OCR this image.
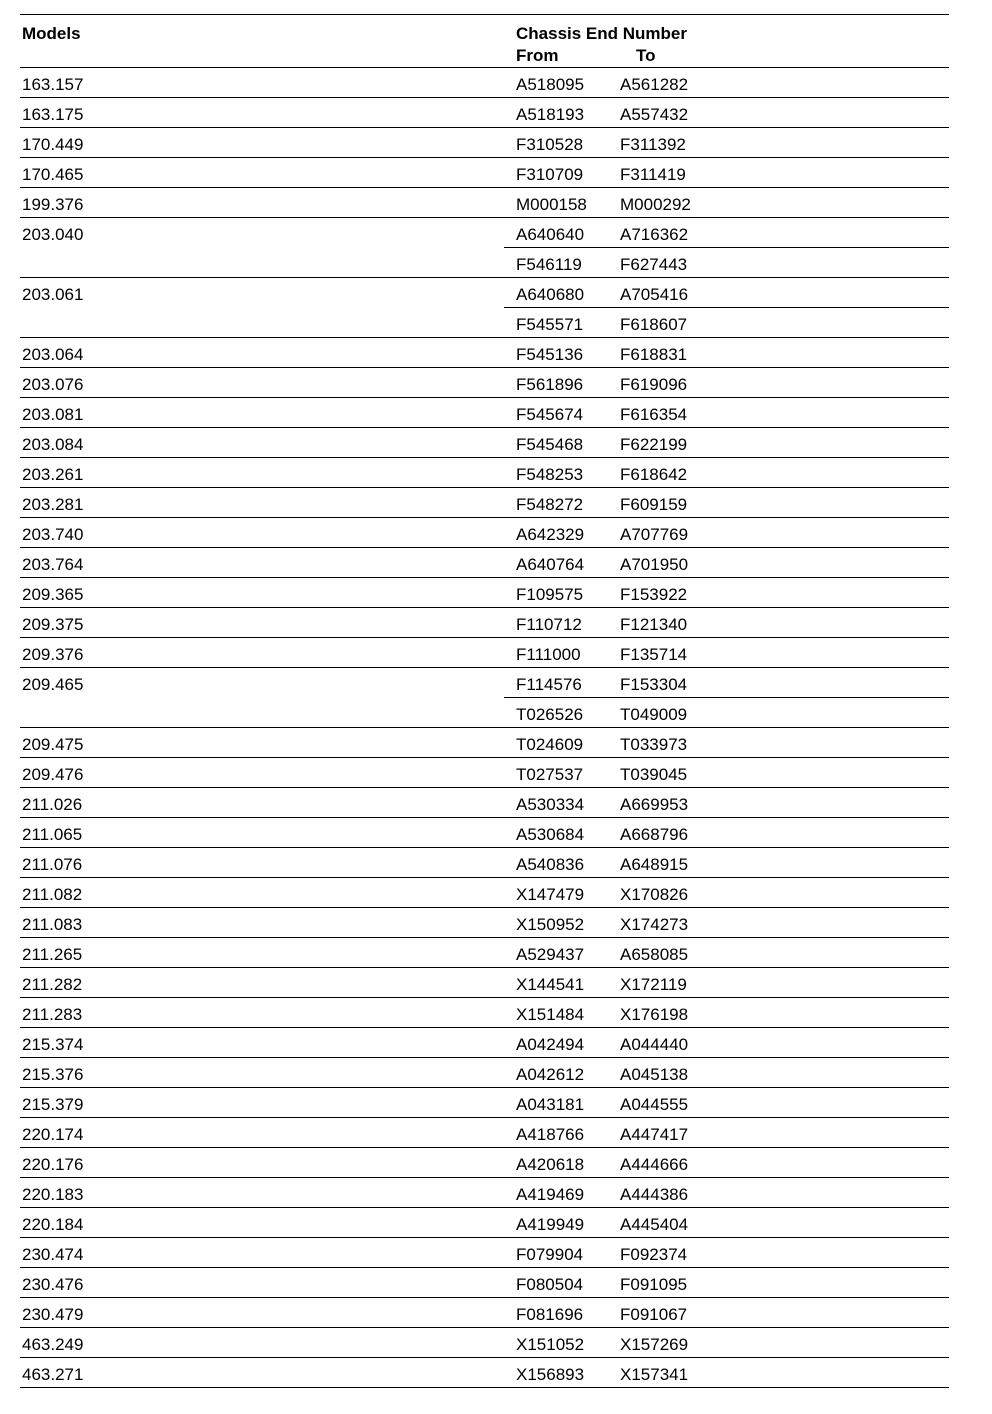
Models	Chassis End Number
From	To
163.157	A518095 A561282
163.175	A518193 A557432
170.449	F310528 F311392
170.465	F310709 F311419
199.376	M000158 M000292
203.040	A640640 A716362
F546119 F627443
203.061	A640680 A705416
F545571 F618607
203.064	F545136 F618831
203.076	F561896 F619096
203.081	F545674 F616354
203.084	F545468 F622199
203.261	F548253 F618642
203.281	F548272 F609159
203.740	A642329 A707769
203.764	A640764 A701950
209.365	F109575 F153922
209.375	F110712 F121340
209.376	F111000 F135714
209.465	F114576 F153304
T026526 T049009
209.475	T024609 T033973
209.476	T027537 T039045
211.026	A530334 A669953
211.065	A530684 A668796
211.076	A540836 A648915
211.082	X147479 X170826
211.083	X150952 X174273
211.265	A529437 A658085
211.282	X144541 X172119
211.283	X151484 X176198
215.374	A042494 A044440
215.376	A042612 A045138
215.379	A043181 A044555
220.174	A418766 A447417
220.176	A420618 A444666
220.183	A419469 A444386
220.184	A419949 A445404
230.474	F079904 F092374
230.476	F080504 F091095
230.479	F081696 F091067
463.249	X151052 X157269
463.271	X156893 X157341
